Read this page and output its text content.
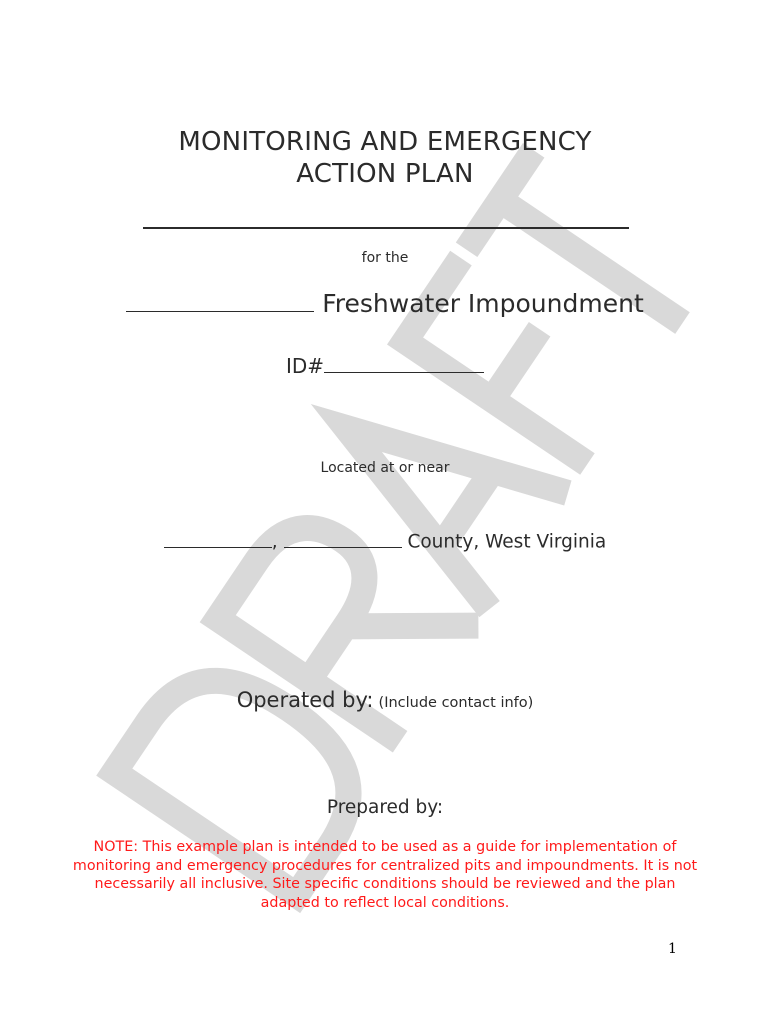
MONITORING AND EMERGENCY
ACTION PLAN
for the
Freshwater Impoundment
ID#
Located at or near
,	County, West Virginia
Operated by: (Include contact info)
Prepared by:
NOTE: This example plan is intended to be used as a guide for implementation of monitoring and emergency procedures for centralized pits and impoundments. It is not necessarily all inclusive. Site specific conditions should be reviewed and the plan adapted to reflect local conditions.
1
